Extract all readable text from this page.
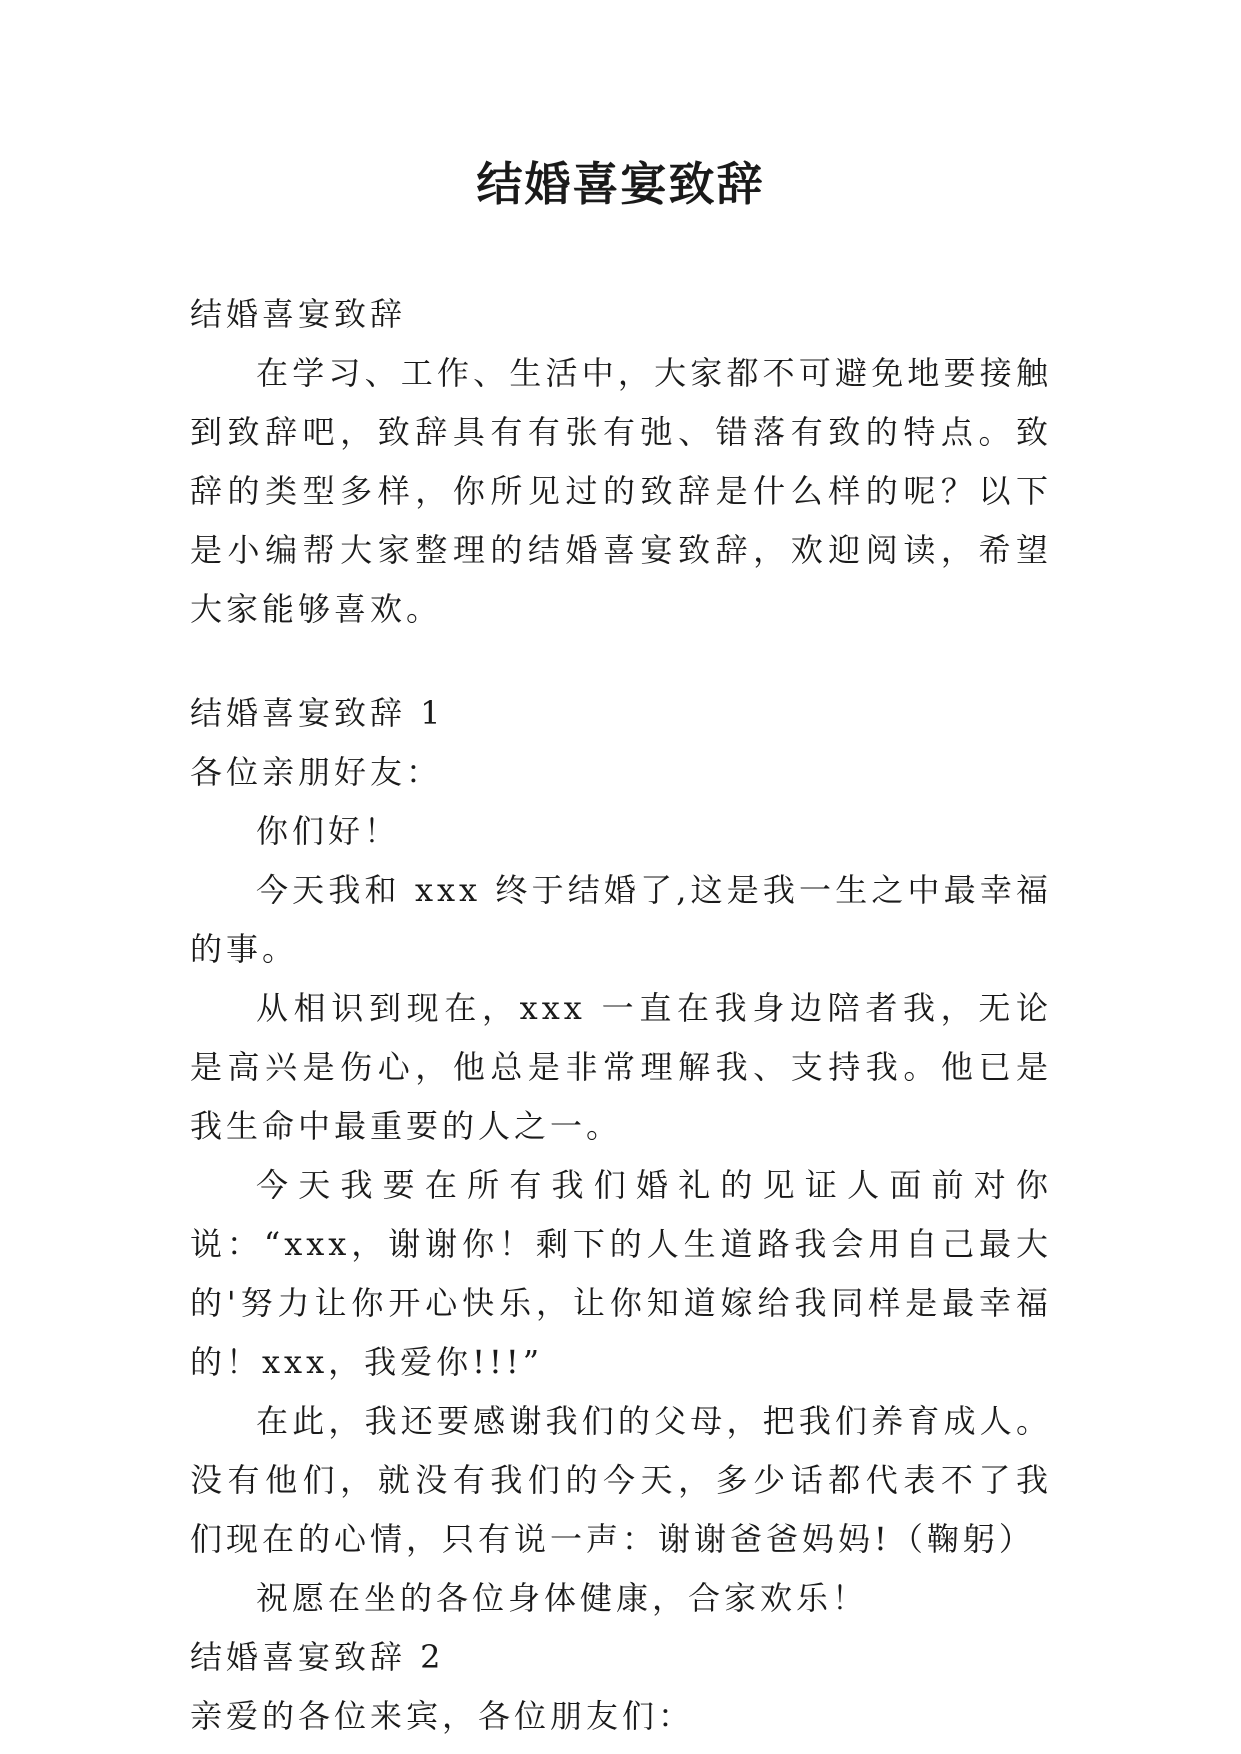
结婚喜宴致辞

结婚喜宴致辞

在学习、工作、生活中，大家都不可避免地要接触到致辞吧，致辞具有有张有弛、错落有致的特点。致辞的类型多样，你所见过的致辞是什么样的呢？以下是小编帮大家整理的结婚喜宴致辞，欢迎阅读，希望大家能够喜欢。

结婚喜宴致辞 1

各位亲朋好友：

你们好！

今天我和 xxx 终于结婚了,这是我一生之中最幸福的事。

从相识到现在，xxx 一直在我身边陪者我，无论是高兴是伤心，他总是非常理解我、支持我。他已是我生命中最重要的人之一。

今天我要在所有我们婚礼的见证人面前对你说：“xxx，谢谢你！剩下的人生道路我会用自己最大的'努力让你开心快乐，让你知道嫁给我同样是最幸福的！xxx，我爱你!!!”

在此，我还要感谢我们的父母，把我们养育成人。没有他们，就没有我们的今天，多少话都代表不了我们现在的心情，只有说一声：谢谢爸爸妈妈!（鞠躬）

祝愿在坐的各位身体健康，合家欢乐！

结婚喜宴致辞 2

亲爱的各位来宾，各位朋友们：
